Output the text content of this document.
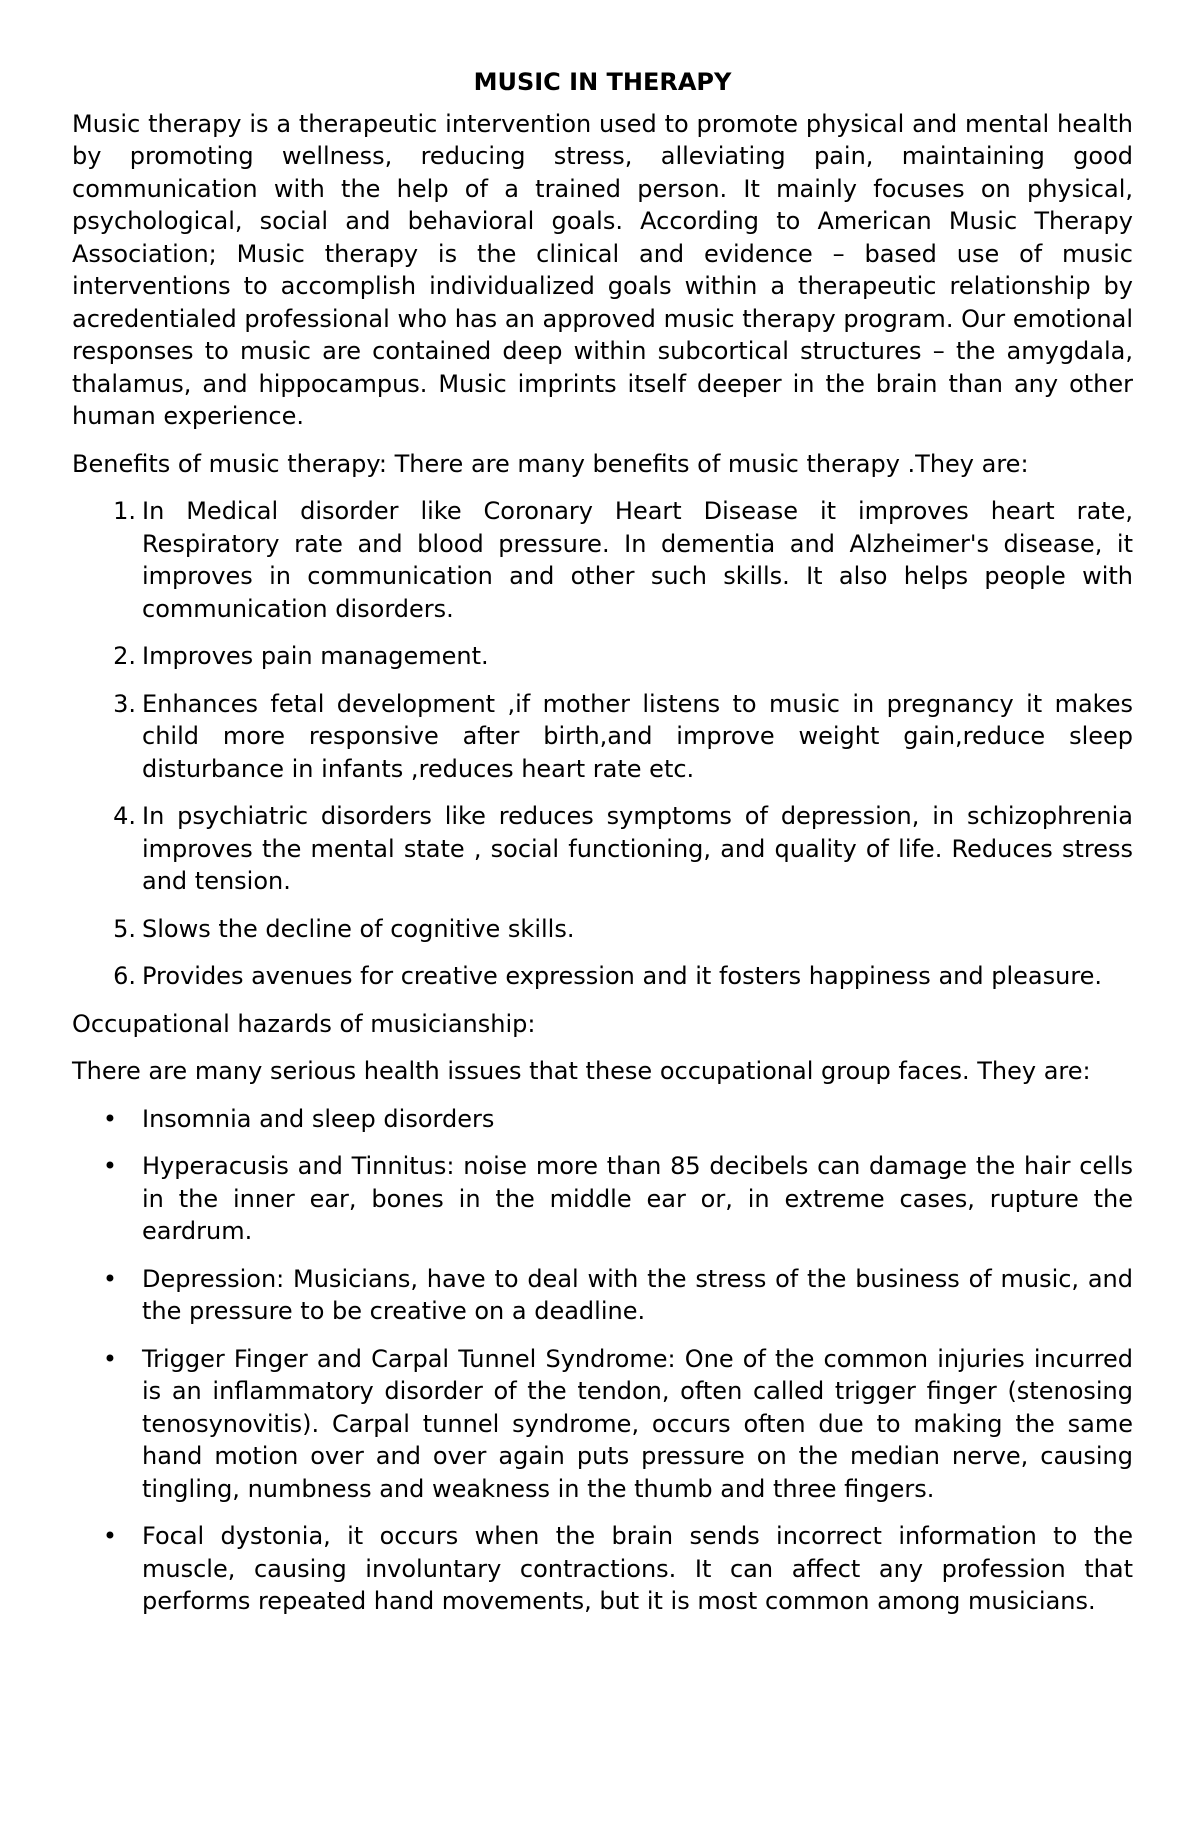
MUSIC IN THERAPY

Music therapy is a therapeutic intervention used to promote physical and mental health by promoting wellness, reducing stress, alleviating pain, maintaining good communication with the help of a trained person. It mainly focuses on physical, psychological, social and behavioral goals. According to American Music Therapy Association; Music therapy is the clinical and evidence – based use of music interventions to accomplish individualized goals within a therapeutic relationship by acredentialed professional who has an approved music therapy program. Our emotional responses to music are contained deep within subcortical structures – the amygdala, thalamus, and hippocampus. Music imprints itself deeper in the brain than any other human experience.

Benefits of music therapy: There are many benefits of music therapy .They are:

1. In Medical disorder like Coronary Heart Disease it improves heart rate, Respiratory rate and blood pressure. In dementia and Alzheimer's disease, it improves in communication and other such skills. It also helps people with communication disorders.
2. Improves pain management.
3. Enhances fetal development ,if mother listens to music in pregnancy it makes child more responsive after birth,and improve weight gain,reduce sleep disturbance in infants ,reduces heart rate etc.
4. In psychiatric disorders like reduces symptoms of depression, in schizophrenia improves the mental state , social functioning, and quality of life. Reduces stress and tension.
5. Slows the decline of cognitive skills.
6. Provides avenues for creative expression and it fosters happiness and pleasure.

Occupational hazards of musicianship:

There are many serious health issues that these occupational group faces. They are:

• Insomnia and sleep disorders
• Hyperacusis and Tinnitus: noise more than 85 decibels can damage the hair cells in the inner ear, bones in the middle ear or, in extreme cases, rupture the eardrum.
• Depression: Musicians, have to deal with the stress of the business of music, and the pressure to be creative on a deadline.
• Trigger Finger and Carpal Tunnel Syndrome: One of the common injuries incurred is an inflammatory disorder of the tendon, often called trigger finger (stenosing tenosynovitis). Carpal tunnel syndrome, occurs often due to making the same hand motion over and over again puts pressure on the median nerve, causing tingling, numbness and weakness in the thumb and three fingers.
• Focal dystonia, it occurs when the brain sends incorrect information to the muscle, causing involuntary contractions. It can affect any profession that performs repeated hand movements, but it is most common among musicians.
